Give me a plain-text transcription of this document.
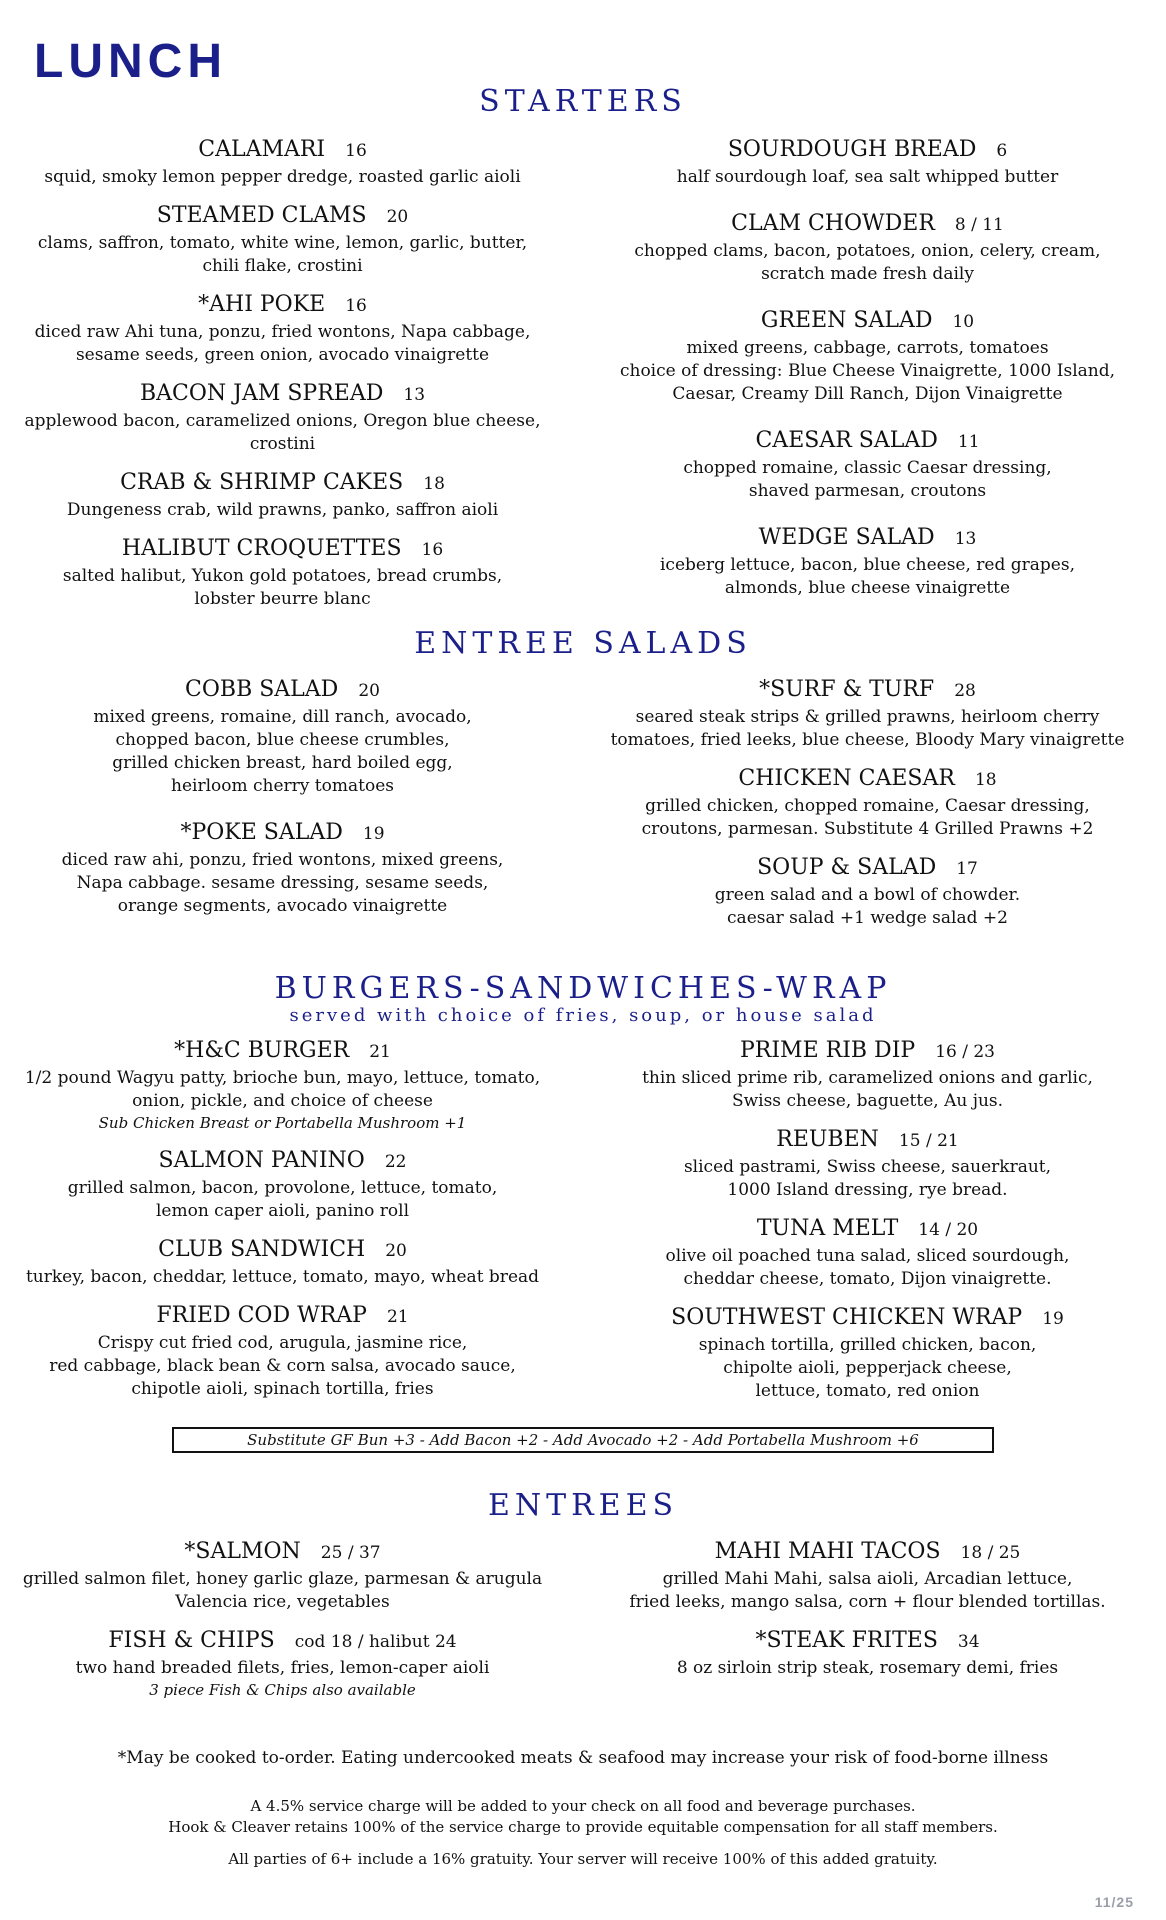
LUNCH
STARTERS
CALAMARI 16
squid, smoky lemon pepper dredge, roasted garlic aioli
STEAMED CLAMS 20
clams, saffron, tomato, white wine, lemon, garlic, butter,
chili flake, crostini
*AHI POKE 16
diced raw Ahi tuna, ponzu, fried wontons, Napa cabbage,
sesame seeds, green onion, avocado vinaigrette
BACON JAM SPREAD 13
applewood bacon, caramelized onions, Oregon blue cheese,
crostini
CRAB & SHRIMP CAKES 18
Dungeness crab, wild prawns, panko, saffron aioli
HALIBUT CROQUETTES 16
salted halibut, Yukon gold potatoes, bread crumbs,
lobster beurre blanc
SOURDOUGH BREAD 6
half sourdough loaf, sea salt whipped butter
CLAM CHOWDER 8 / 11
chopped clams, bacon, potatoes, onion, celery, cream,
scratch made fresh daily
GREEN SALAD 10
mixed greens, cabbage, carrots, tomatoes
choice of dressing: Blue Cheese Vinaigrette, 1000 Island,
Caesar, Creamy Dill Ranch, Dijon Vinaigrette
CAESAR SALAD 11
chopped romaine, classic Caesar dressing,
shaved parmesan, croutons
WEDGE SALAD 13
iceberg lettuce, bacon, blue cheese, red grapes,
almonds, blue cheese vinaigrette
ENTREE SALADS
COBB SALAD 20
mixed greens, romaine, dill ranch, avocado,
chopped bacon, blue cheese crumbles,
grilled chicken breast, hard boiled egg,
heirloom cherry tomatoes
*POKE SALAD 19
diced raw ahi, ponzu, fried wontons, mixed greens,
Napa cabbage. sesame dressing, sesame seeds,
orange segments, avocado vinaigrette
*SURF & TURF 28
seared steak strips & grilled prawns, heirloom cherry
tomatoes, fried leeks, blue cheese, Bloody Mary vinaigrette
CHICKEN CAESAR 18
grilled chicken, chopped romaine, Caesar dressing,
croutons, parmesan. Substitute 4 Grilled Prawns +2
SOUP & SALAD 17
green salad and a bowl of chowder.
caesar salad +1 wedge salad +2
BURGERS-SANDWICHES-WRAP
served with choice of fries, soup, or house salad
*H&C BURGER 21
1/2 pound Wagyu patty, brioche bun, mayo, lettuce, tomato,
onion, pickle, and choice of cheese
Sub Chicken Breast or Portabella Mushroom +1
SALMON PANINO 22
grilled salmon, bacon, provolone, lettuce, tomato,
lemon caper aioli, panino roll
CLUB SANDWICH 20
turkey, bacon, cheddar, lettuce, tomato, mayo, wheat bread
FRIED COD WRAP 21
Crispy cut fried cod, arugula, jasmine rice,
red cabbage, black bean & corn salsa, avocado sauce,
chipotle aioli, spinach tortilla, fries
PRIME RIB DIP 16 / 23
thin sliced prime rib, caramelized onions and garlic,
Swiss cheese, baguette, Au jus.
REUBEN 15 / 21
sliced pastrami, Swiss cheese, sauerkraut,
1000 Island dressing, rye bread.
TUNA MELT 14 / 20
olive oil poached tuna salad, sliced sourdough,
cheddar cheese, tomato, Dijon vinaigrette.
SOUTHWEST CHICKEN WRAP 19
spinach tortilla, grilled chicken, bacon,
chipolte aioli, pepperjack cheese,
lettuce, tomato, red onion
Substitute GF Bun +3 - Add Bacon +2 - Add Avocado +2 - Add Portabella Mushroom +6
ENTREES
*SALMON 25 / 37
grilled salmon filet, honey garlic glaze, parmesan & arugula
Valencia rice, vegetables
FISH & CHIPS cod 18 / halibut 24
two hand breaded filets, fries, lemon-caper aioli
3 piece Fish & Chips also available
MAHI MAHI TACOS 18 / 25
grilled Mahi Mahi, salsa aioli, Arcadian lettuce,
fried leeks, mango salsa, corn + flour blended tortillas.
*STEAK FRITES 34
8 oz sirloin strip steak, rosemary demi, fries
*May be cooked to-order. Eating undercooked meats & seafood may increase your risk of food-borne illness
A 4.5% service charge will be added to your check on all food and beverage purchases.
Hook & Cleaver retains 100% of the service charge to provide equitable compensation for all staff members.
All parties of 6+ include a 16% gratuity. Your server will receive 100% of this added gratuity.
11/25
